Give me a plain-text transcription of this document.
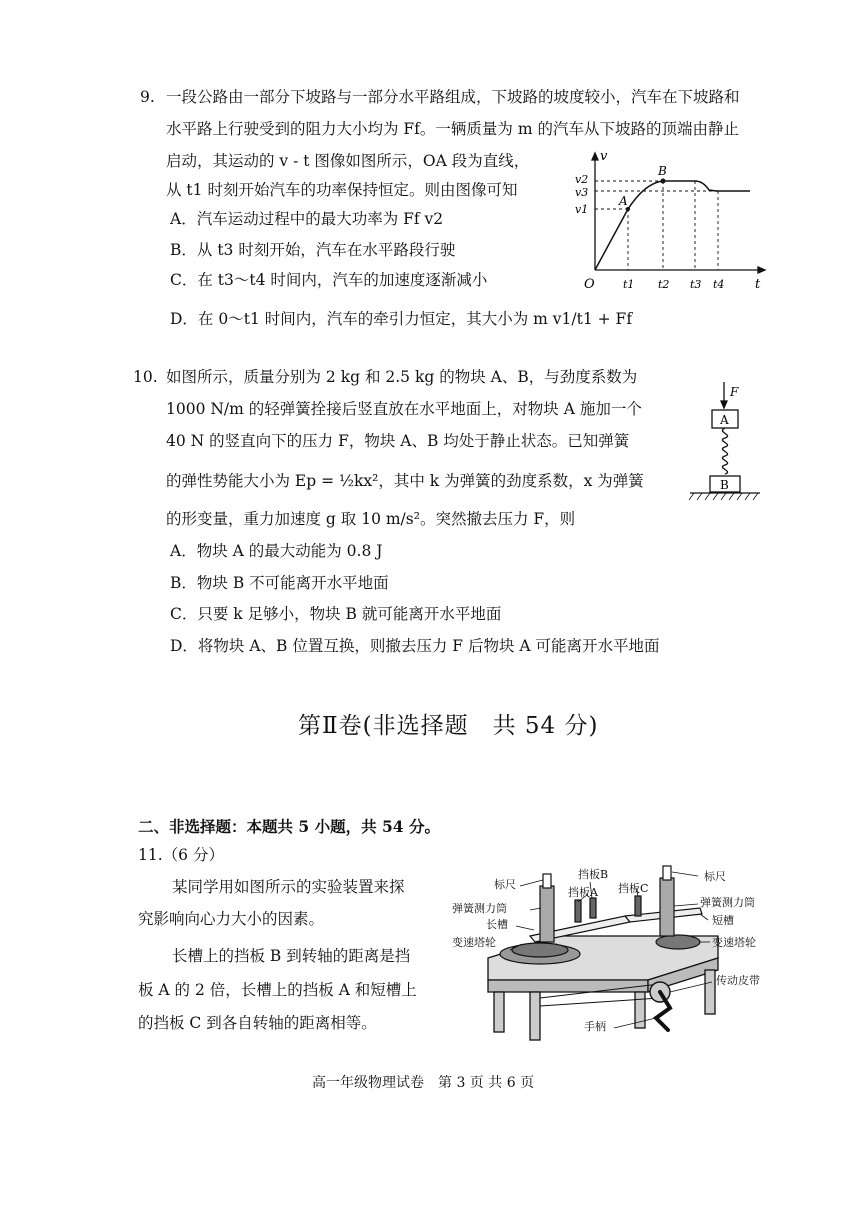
9. 一段公路由一部分下坡路与一部分水平路组成，下坡路的坡度较小，汽车在下坡路和
水平路上行驶受到的阻力大小均为 Ff。一辆质量为 m 的汽车从下坡路的顶端由静止
启动，其运动的 v - t 图像如图所示，OA 段为直线，
从 t1 时刻开始汽车的功率保持恒定。则由图像可知
A．汽车运动过程中的最大功率为 Ff v2
B．从 t3 时刻开始，汽车在水平路段行驶
C．在 t3～t4 时间内，汽车的加速度逐渐减小
D．在 0～t1 时间内，汽车的牵引力恒定，其大小为 m v1/t1 + Ff
v
t
O
v2
v3
v1
t1 t2 t3 t4
A
B
10. 如图所示，质量分别为 2 kg 和 2.5 kg 的物块 A、B，与劲度系数为
1000 N/m 的轻弹簧拴接后竖直放在水平地面上，对物块 A 施加一个
40 N 的竖直向下的压力 F，物块 A、B 均处于静止状态。已知弹簧
的弹性势能大小为 Ep = ½kx²，其中 k 为弹簧的劲度系数，x 为弹簧
的形变量，重力加速度 g 取 10 m/s²。突然撤去压力 F，则
A．物块 A 的最大动能为 0.8 J
B．物块 B 不可能离开水平地面
C．只要 k 足够小，物块 B 就可能离开水平地面
D．将物块 A、B 位置互换，则撤去压力 F 后物块 A 可能离开水平地面
F
A
B
第Ⅱ卷(非选择题　共 54 分)
二、非选择题：本题共 5 小题，共 54 分。
11.（6 分）
某同学用如图所示的实验装置来探
究影响向心力大小的因素。
长槽上的挡板 B 到转轴的距离是挡
板 A 的 2 倍，长槽上的挡板 A 和短槽上
的挡板 C 到各自转轴的距离相等。
标尺
挡板B
挡板A 挡板C
标尺
弹簧测力筒
长槽
变速塔轮
弹簧测力筒
短槽
变速塔轮
传动皮带
手柄
高一年级物理试卷　第 3 页 共 6 页
